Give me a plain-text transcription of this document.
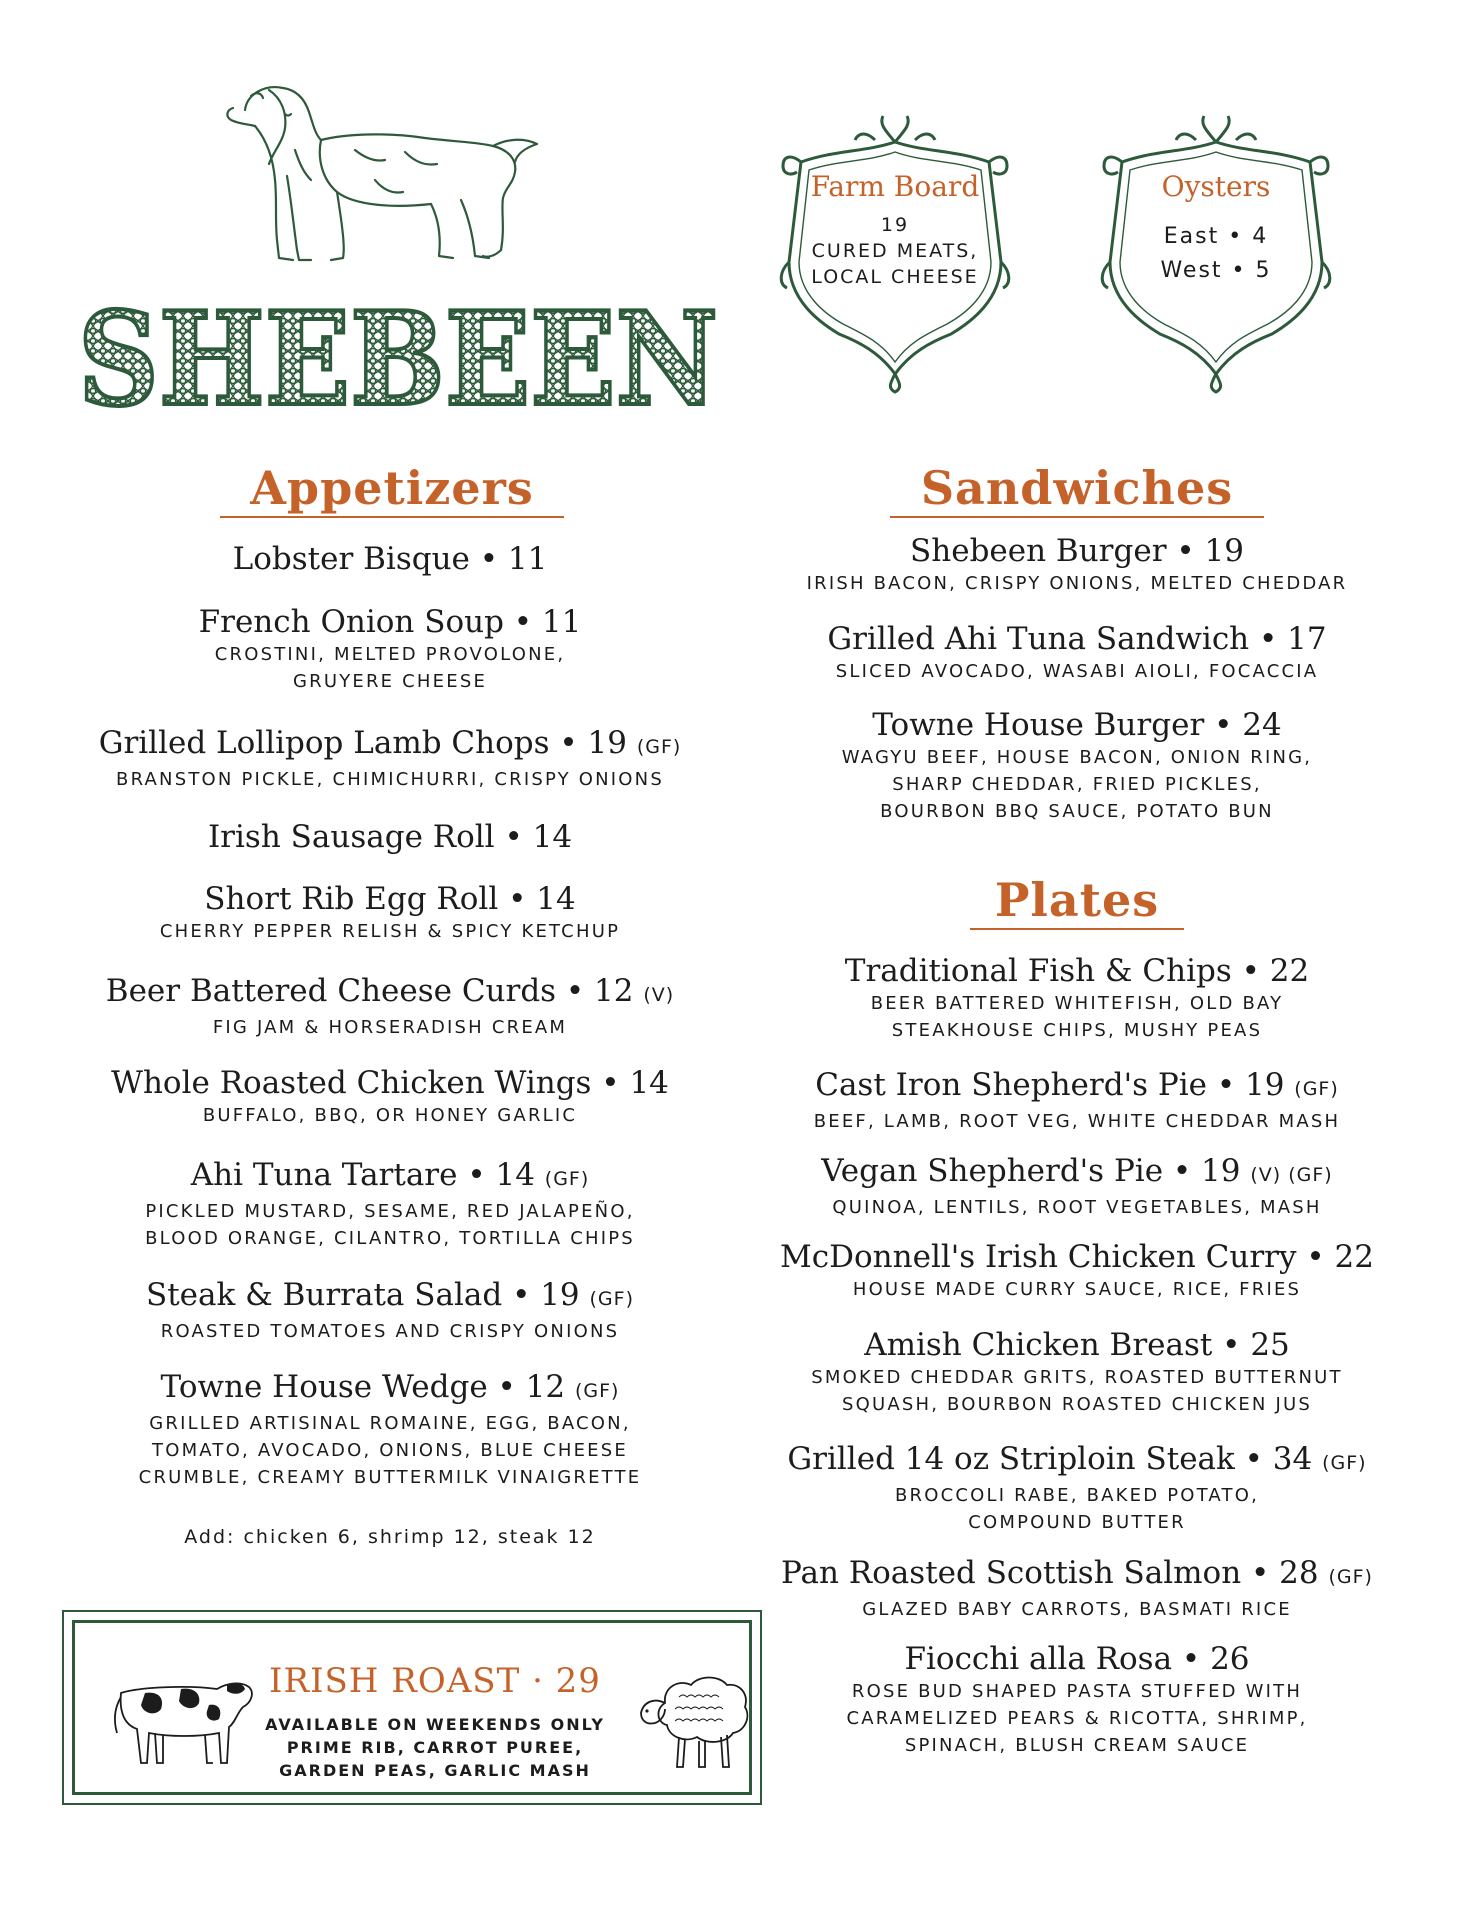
SHEBEEN
Farm Board
19
CURED MEATS,
LOCAL CHEESE
Oysters
East • 4
West • 5
Appetizers
Lobster Bisque • 11
French Onion Soup • 11
CROSTINI, MELTED PROVOLONE,
GRUYERE CHEESE
Grilled Lollipop Lamb Chops • 19 (GF)
BRANSTON PICKLE, CHIMICHURRI, CRISPY ONIONS
Irish Sausage Roll • 14
Short Rib Egg Roll • 14
CHERRY PEPPER RELISH & SPICY KETCHUP
Beer Battered Cheese Curds • 12 (V)
FIG JAM & HORSERADISH CREAM
Whole Roasted Chicken Wings • 14
BUFFALO, BBQ, OR HONEY GARLIC
Ahi Tuna Tartare • 14 (GF)
PICKLED MUSTARD, SESAME, RED JALAPEÑO,
BLOOD ORANGE, CILANTRO, TORTILLA CHIPS
Steak & Burrata Salad • 19 (GF)
ROASTED TOMATOES AND CRISPY ONIONS
Towne House Wedge • 12 (GF)
GRILLED ARTISINAL ROMAINE, EGG, BACON,
TOMATO, AVOCADO, ONIONS, BLUE CHEESE
CRUMBLE, CREAMY BUTTERMILK VINAIGRETTE
Add: chicken 6, shrimp 12, steak 12
Sandwiches
Shebeen Burger • 19
IRISH BACON, CRISPY ONIONS, MELTED CHEDDAR
Grilled Ahi Tuna Sandwich • 17
SLICED AVOCADO, WASABI AIOLI, FOCACCIA
Towne House Burger • 24
WAGYU BEEF, HOUSE BACON, ONION RING,
SHARP CHEDDAR, FRIED PICKLES,
BOURBON BBQ SAUCE, POTATO BUN
Plates
Traditional Fish & Chips • 22
BEER BATTERED WHITEFISH, OLD BAY
STEAKHOUSE CHIPS, MUSHY PEAS
Cast Iron Shepherd's Pie • 19 (GF)
BEEF, LAMB, ROOT VEG, WHITE CHEDDAR MASH
Vegan Shepherd's Pie • 19 (V) (GF)
QUINOA, LENTILS, ROOT VEGETABLES, MASH
McDonnell's Irish Chicken Curry • 22
HOUSE MADE CURRY SAUCE, RICE, FRIES
Amish Chicken Breast • 25
SMOKED CHEDDAR GRITS, ROASTED BUTTERNUT
SQUASH, BOURBON ROASTED CHICKEN JUS
Grilled 14 oz Striploin Steak • 34 (GF)
BROCCOLI RABE, BAKED POTATO,
COMPOUND BUTTER
Pan Roasted Scottish Salmon • 28 (GF)
GLAZED BABY CARROTS, BASMATI RICE
Fiocchi alla Rosa • 26
ROSE BUD SHAPED PASTA STUFFED WITH
CARAMELIZED PEARS & RICOTTA, SHRIMP,
SPINACH, BLUSH CREAM SAUCE
IRISH ROAST · 29
AVAILABLE ON WEEKENDS ONLY
PRIME RIB, CARROT PUREE,
GARDEN PEAS, GARLIC MASH
